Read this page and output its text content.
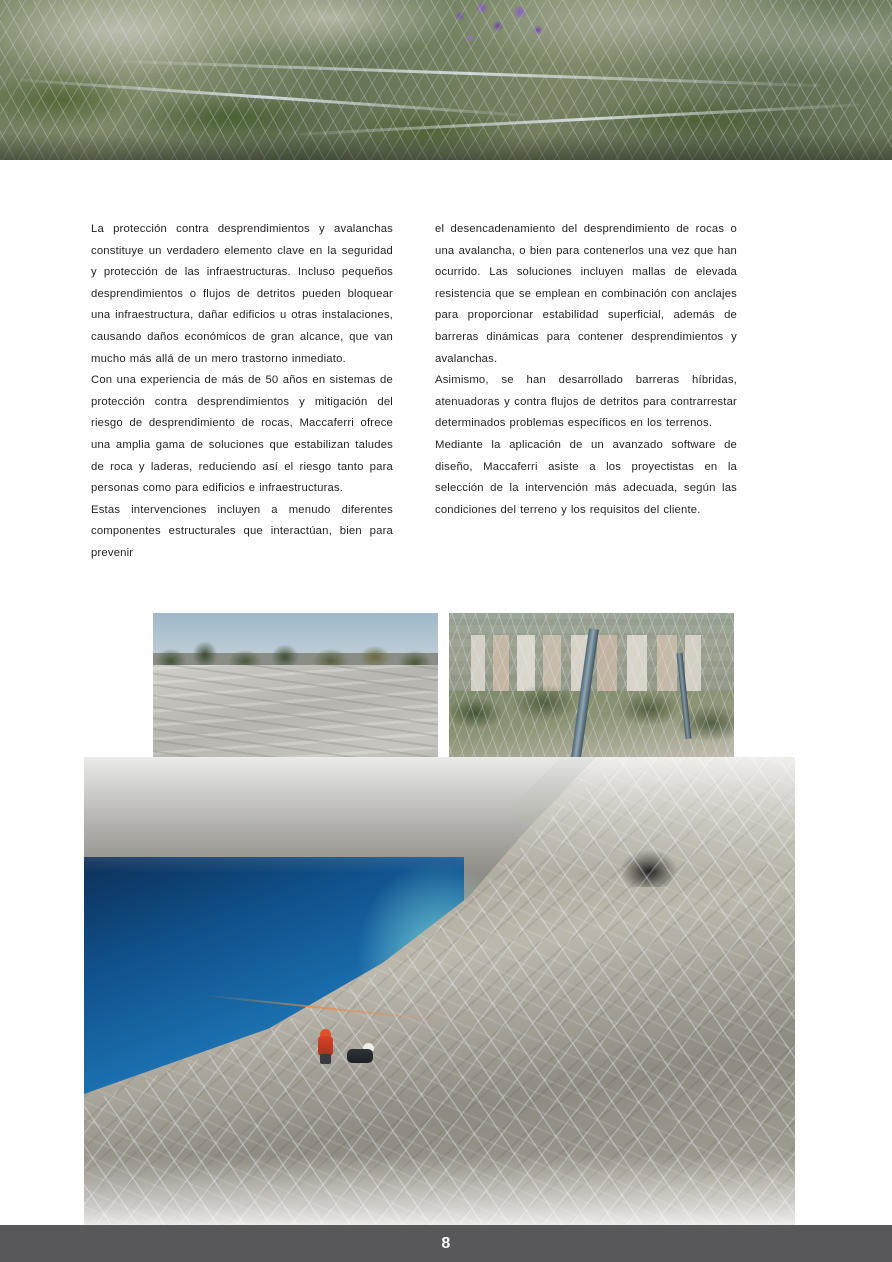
La protección contra desprendimientos y avalanchas constituye un verdadero elemento clave en la seguridad y protección de las infraestructuras. Incluso pequeños desprendimientos o flujos de detritos pueden bloquear una infraestructura, dañar edificios u otras instalaciones, causando daños económicos de gran alcance, que van mucho más allá de un mero trastorno inmediato.

Con una experiencia de más de 50 años en sistemas de protección contra desprendimientos y mitigación del riesgo de desprendimiento de rocas, Maccaferri ofrece una amplia gama de soluciones que estabilizan taludes de roca y laderas, reduciendo así el riesgo tanto para personas como para edificios e infraestructuras.

Estas intervenciones incluyen a menudo diferentes componentes estructurales que interactúan, bien para prevenir

el desencadenamiento del desprendimiento de rocas o una avalancha, o bien para contenerlos una vez que han ocurrido. Las soluciones incluyen mallas de elevada resistencia que se emplean en combinación con anclajes para proporcionar estabilidad superficial, además de barreras dinámicas para contener desprendimientos y avalanchas.

Asimismo, se han desarrollado barreras híbridas, atenuadoras y contra flujos de detritos para contrarrestar determinados problemas específicos en los terrenos.

Mediante la aplicación de un avanzado software de diseño, Maccaferri asiste a los proyectistas en la selección de la intervención más adecuada, según las condiciones del terreno y los requisitos del cliente.

8
